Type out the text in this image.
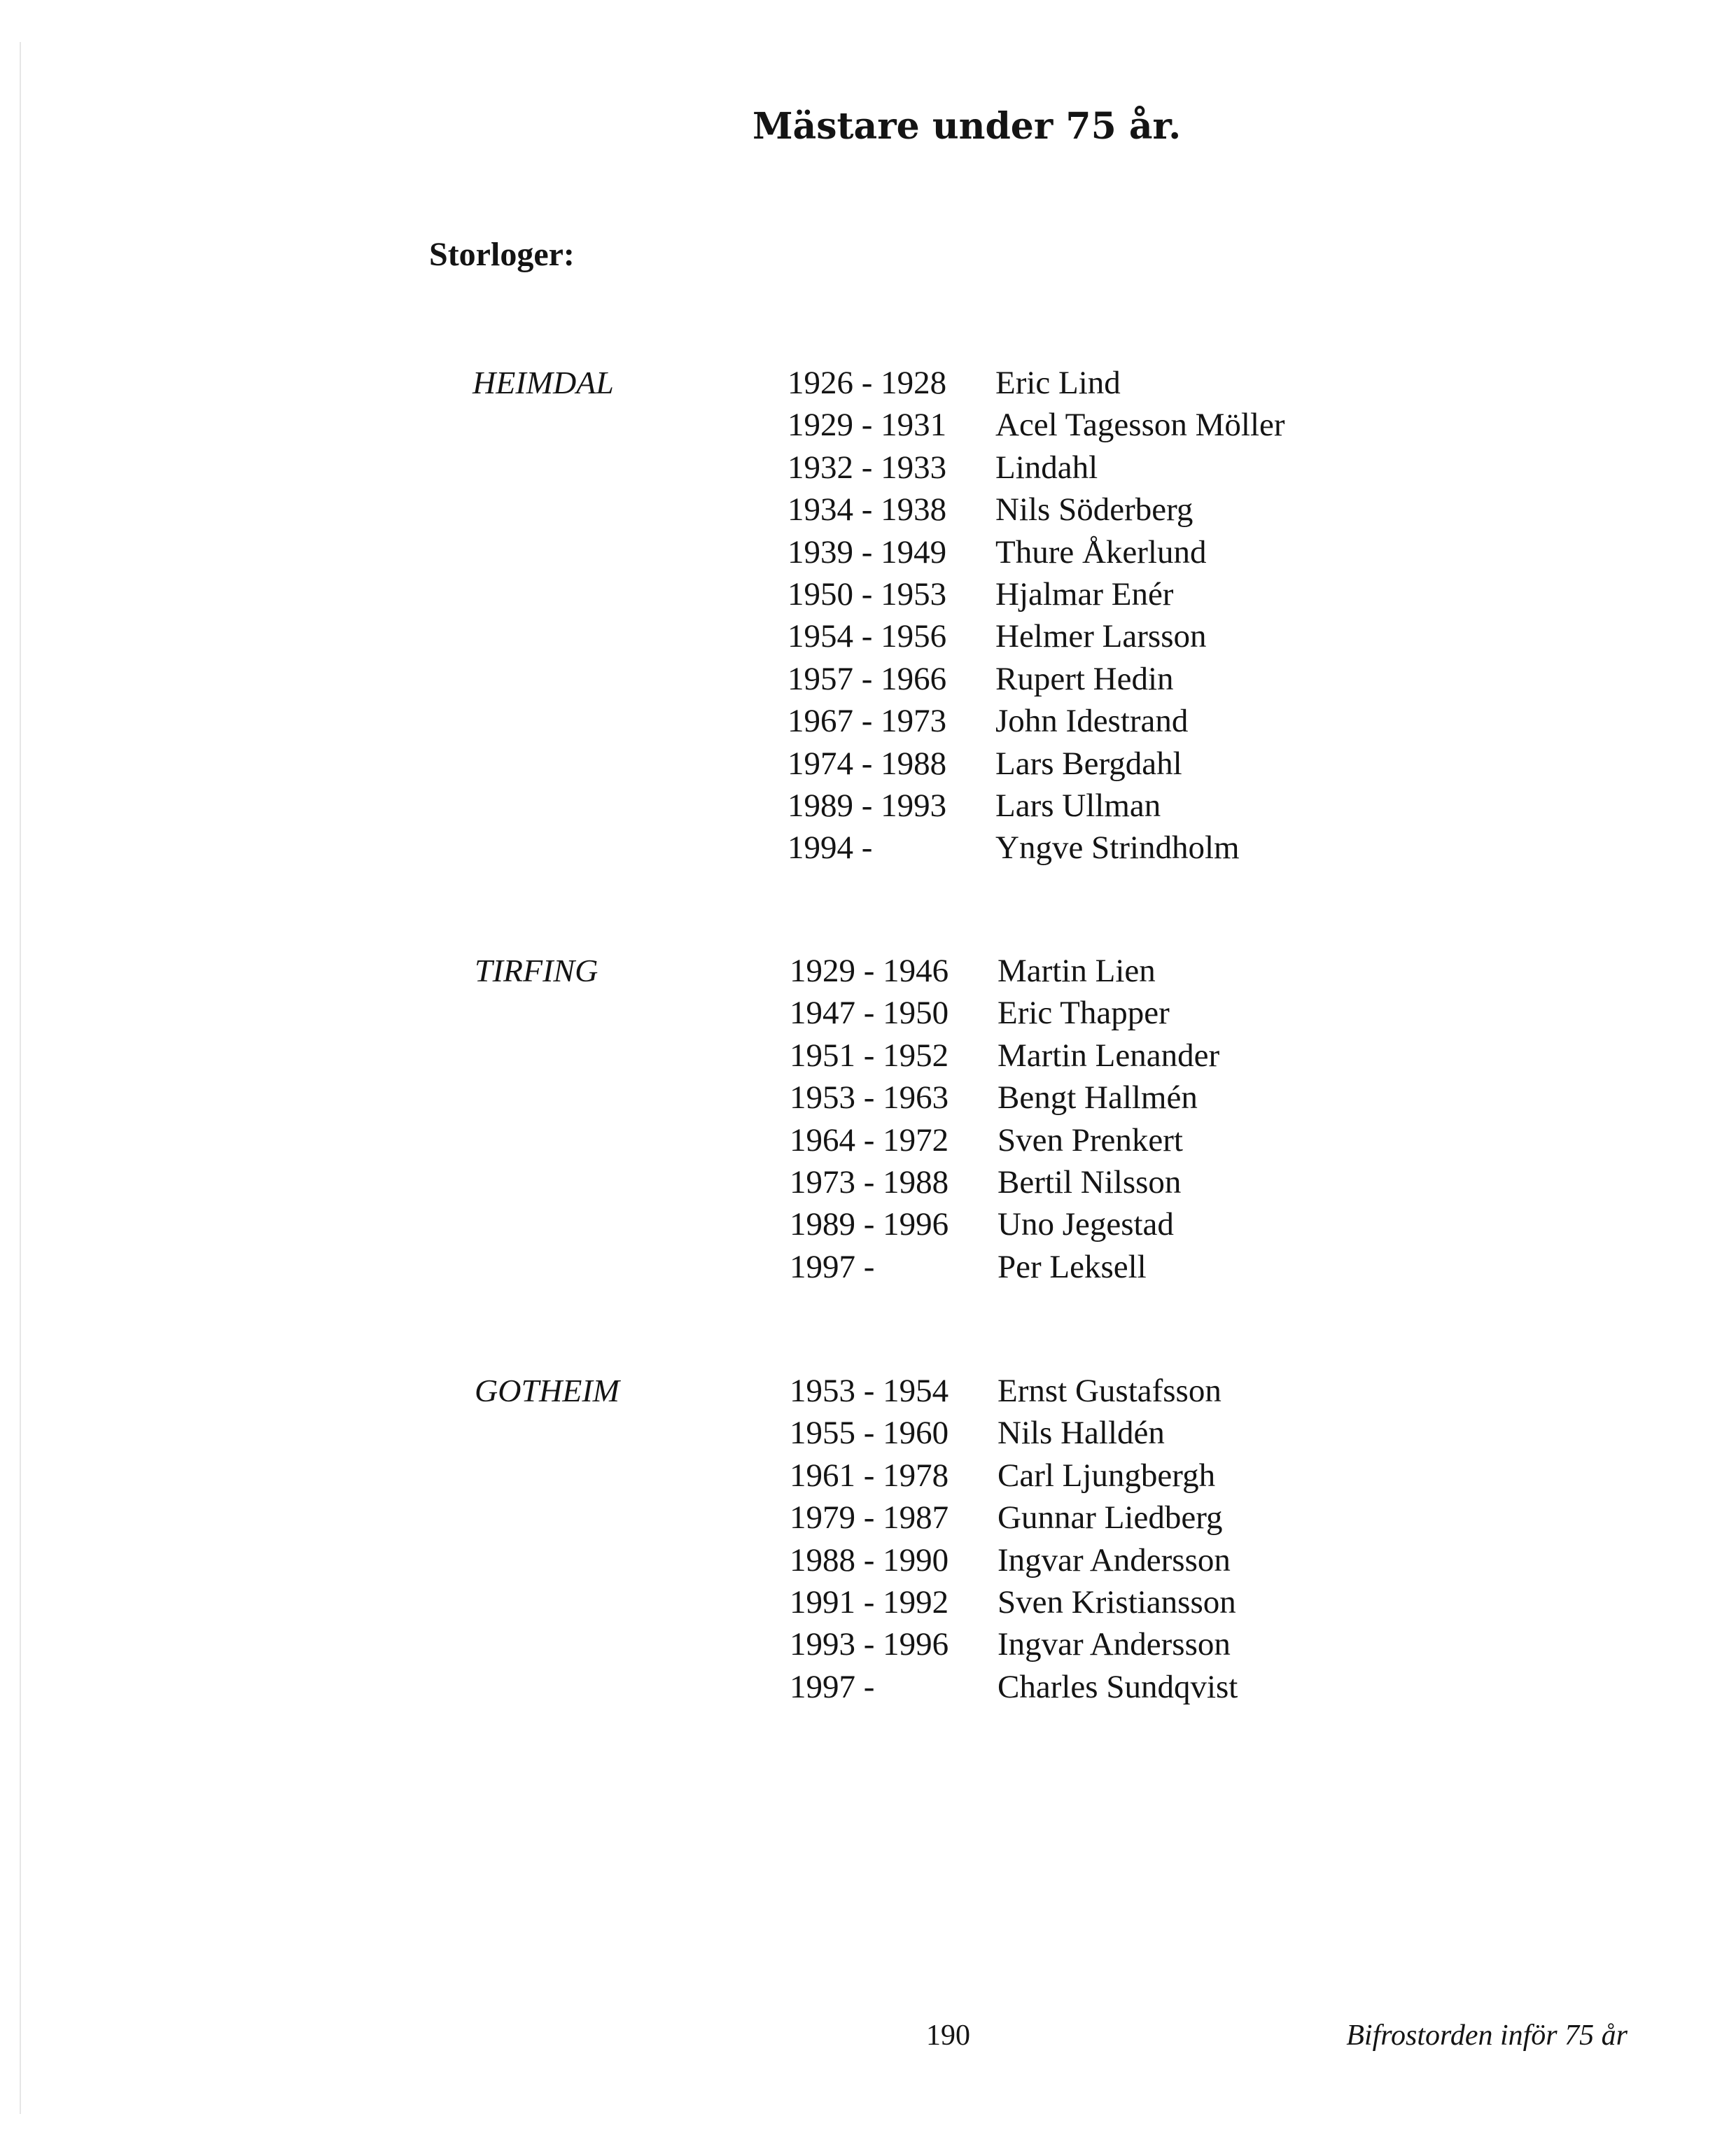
Mästare under 75 år.
Storloger:
HEIMDAL	1926 - 1928 Eric Lind
1929 - 1931 Acel Tagesson Möller
1932 - 1933 Lindahl
1934 - 1938 Nils Söderberg
1939 - 1949 Thure Åkerlund
1950 - 1953 Hjalmar Enér
1954 - 1956 Helmer Larsson
1957 - 1966 Rupert Hedin
1967 - 1973 John Idestrand
1974 - 1988 Lars Bergdahl
1989 - 1993 Lars Ullman
1994 -	Yngve Strindholm
TIRFING	1929 - 1946 Martin Lien
1947 - 1950 Eric Thapper
1951 - 1952 Martin Lenander
1953 - 1963 Bengt Hallmén
1964 - 1972 Sven Prenkert
1973 - 1988 Bertil Nilsson
1989 - 1996 Uno Jegestad
1997 -	Per Leksell
GOTHEIM	1953 - 1954 Ernst Gustafsson
1955 - 1960 Nils Halldén
1961 - 1978 Carl Ljungbergh
1979 - 1987 Gunnar Liedberg
1988 - 1990 Ingvar Andersson
1991 - 1992 Sven Kristiansson
1993 - 1996 Ingvar Andersson
1997 -	Charles Sundqvist
190	Bifrostorden inför 75 år
